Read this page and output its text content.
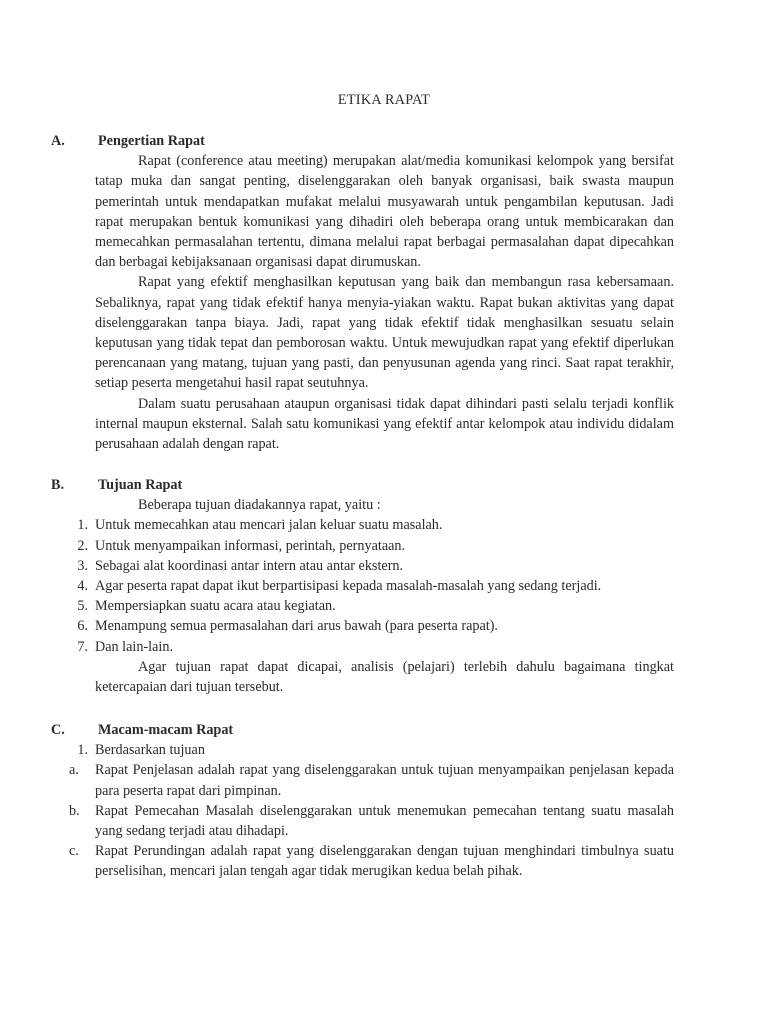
ETIKA RAPAT
A. Pengertian Rapat

Rapat (conference atau meeting) merupakan alat/media komunikasi kelompok yang bersifat tatap muka dan sangat penting, diselenggarakan oleh banyak organisasi, baik swasta maupun pemerintah untuk mendapatkan mufakat melalui musyawarah untuk pengambilan keputusan. Jadi rapat merupakan bentuk komunikasi yang dihadiri oleh beberapa orang untuk membicarakan dan memecahkan permasalahan tertentu, dimana melalui rapat berbagai permasalahan dapat dipecahkan dan berbagai kebijaksanaan organisasi dapat dirumuskan.

Rapat yang efektif menghasilkan keputusan yang baik dan membangun rasa kebersamaan. Sebaliknya, rapat yang tidak efektif hanya menyia-yiakan waktu. Rapat bukan aktivitas yang dapat diselenggarakan tanpa biaya. Jadi, rapat yang tidak efektif tidak menghasilkan sesuatu selain keputusan yang tidak tepat dan pemborosan waktu. Untuk mewujudkan rapat yang efektif diperlukan perencanaan yang matang, tujuan yang pasti, dan penyusunan agenda yang rinci. Saat rapat terakhir, setiap peserta mengetahui hasil rapat seutuhnya.

Dalam suatu perusahaan ataupun organisasi tidak dapat dihindari pasti selalu terjadi konflik internal maupun eksternal. Salah satu komunikasi yang efektif antar kelompok atau individu didalam perusahaan adalah dengan rapat.

B. Tujuan Rapat

Beberapa tujuan diadakannya rapat, yaitu :

1. Untuk memecahkan atau mencari jalan keluar suatu masalah.
2. Untuk menyampaikan informasi, perintah, pernyataan.
3. Sebagai alat koordinasi antar intern atau antar ekstern.
4. Agar peserta rapat dapat ikut berpartisipasi kepada masalah-masalah yang sedang terjadi.
5. Mempersiapkan suatu acara atau kegiatan.
6. Menampung semua permasalahan dari arus bawah (para peserta rapat).
7. Dan lain-lain.

Agar tujuan rapat dapat dicapai, analisis (pelajari) terlebih dahulu bagaimana tingkat ketercapaian dari tujuan tersebut.

C. Macam-macam Rapat
1. Berdasarkan tujuan
a. Rapat Penjelasan adalah rapat yang diselenggarakan untuk tujuan menyampaikan penjelasan kepada para peserta rapat dari pimpinan.
b. Rapat Pemecahan Masalah diselenggarakan untuk menemukan pemecahan tentang suatu masalah yang sedang terjadi atau dihadapi.
c. Rapat Perundingan adalah rapat yang diselenggarakan dengan tujuan menghindari timbulnya suatu perselisihan, mencari jalan tengah agar tidak merugikan kedua belah pihak.
